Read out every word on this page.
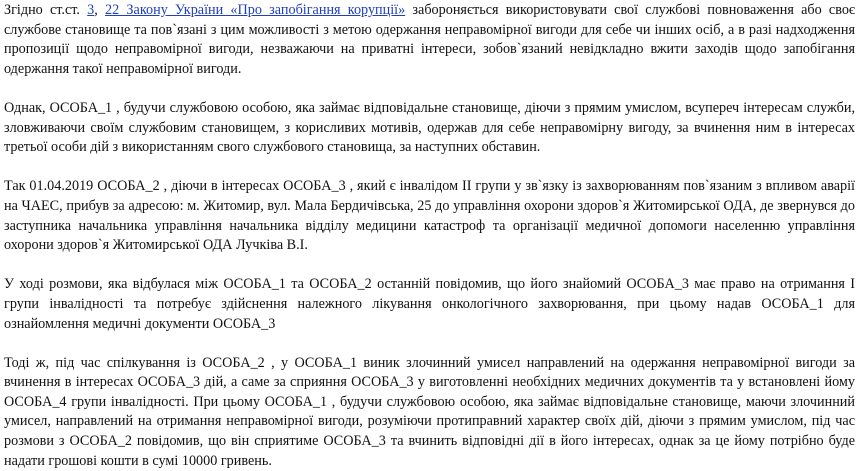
Згідно ст.ст. 3, 22 Закону України «Про запобігання корупції» забороняється використовувати свої службові повноваження або своє службове становище та пов`язані з цим можливості з метою одержання неправомірної вигоди для себе чи інших осіб, а в разі надходження пропозиції щодо неправомірної вигоди, незважаючи на приватні інтереси, зобов`язаний невідкладно вжити заходів щодо запобігання одержання такої неправомірної вигоди.

Однак, ОСОБА_1 , будучи службовою особою, яка займає відповідальне становище, діючи з прямим умислом, всупереч інтересам служби, зловживаючи своїм службовим становищем, з корисливих мотивів, одержав для себе неправомірну вигоду, за вчинення ним в інтересах третьої особи дій з використанням свого службового становища, за наступних обставин.

Так 01.04.2019 ОСОБА_2 , діючи в інтересах ОСОБА_3 , який є інвалідом ІІ групи у зв`язку із захворюванням пов`язаним з впливом аварії на ЧАЕС, прибув за адресою: м. Житомир, вул. Мала Бердичівська, 25 до управління охорони здоров`я Житомирської ОДА, де звернувся до заступника начальника управління начальника відділу медицини катастроф та організації медичної допомоги населенню управління охорони здоров`я Житомирської ОДА Лучківа В.І.

У ході розмови, яка відбулася між ОСОБА_1 та ОСОБА_2 останній повідомив, що його знайомий ОСОБА_3 має право на отримання І групи інвалідності та потребує здійснення належного лікування онкологічного захворювання, при цьому надав ОСОБА_1 для ознайомлення медичні документи ОСОБА_3

Тоді ж, під час спілкування із ОСОБА_2 , у ОСОБА_1 виник злочинний умисел направлений на одержання неправомірної вигоди за вчинення в інтересах ОСОБА_3 дій, а саме за сприяння ОСОБА_3 у виготовленні необхідних медичних документів та у встановлені йому ОСОБА_4 групи інвалідності. При цьому ОСОБА_1 , будучи службовою особою, яка займає відповідальне становище, маючи злочинний умисел, направлений на отримання неправомірної вигоди, розуміючи протиправний характер своїх дій, діючи з прямим умислом, під час розмови з ОСОБА_2 повідомив, що він сприятиме ОСОБА_3 та вчинить відповідні дії в його інтересах, однак за це йому потрібно буде надати грошові кошти в сумі 10000 гривень.
